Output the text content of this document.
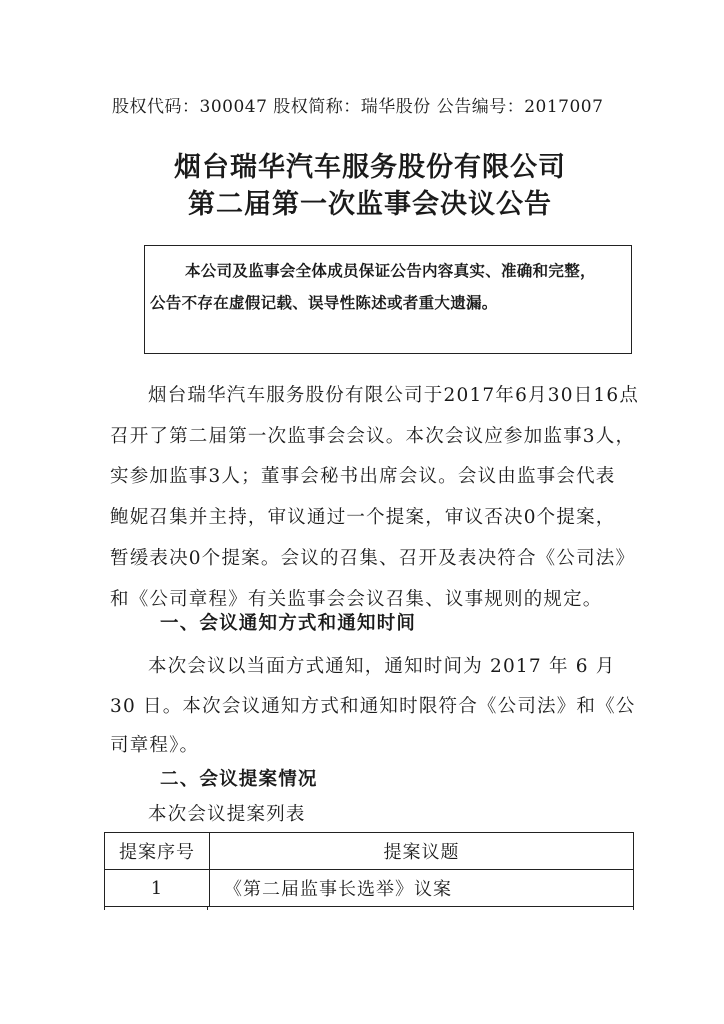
股权代码：300047 股权简称：瑞华股份 公告编号：2017007
烟台瑞华汽车服务股份有限公司
第二届第一次监事会决议公告

本公司及监事会全体成员保证公告内容真实、准确和完整，

公告不存在虚假记载、误导性陈述或者重大遗漏。

烟台瑞华汽车服务股份有限公司于2017年6月30日16点
召开了第二届第一次监事会会议。本次会议应参加监事3人，
实参加监事3人；董事会秘书出席会议。会议由监事会代表
鲍妮召集并主持，审议通过一个提案，审议否决0个提案，
暂缓表决0个提案。会议的召集、召开及表决符合《公司法》
和《公司章程》有关监事会会议召集、议事规则的规定。
一、会议通知方式和通知时间
本次会议以当面方式通知，通知时间为 2017 年 6 月
30 日。本次会议通知方式和通知时限符合《公司法》和《公
司章程》。
二、会议提案情况
本次会议提案列表
提案序号	提案议题
1	《第二届监事长选举》议案
